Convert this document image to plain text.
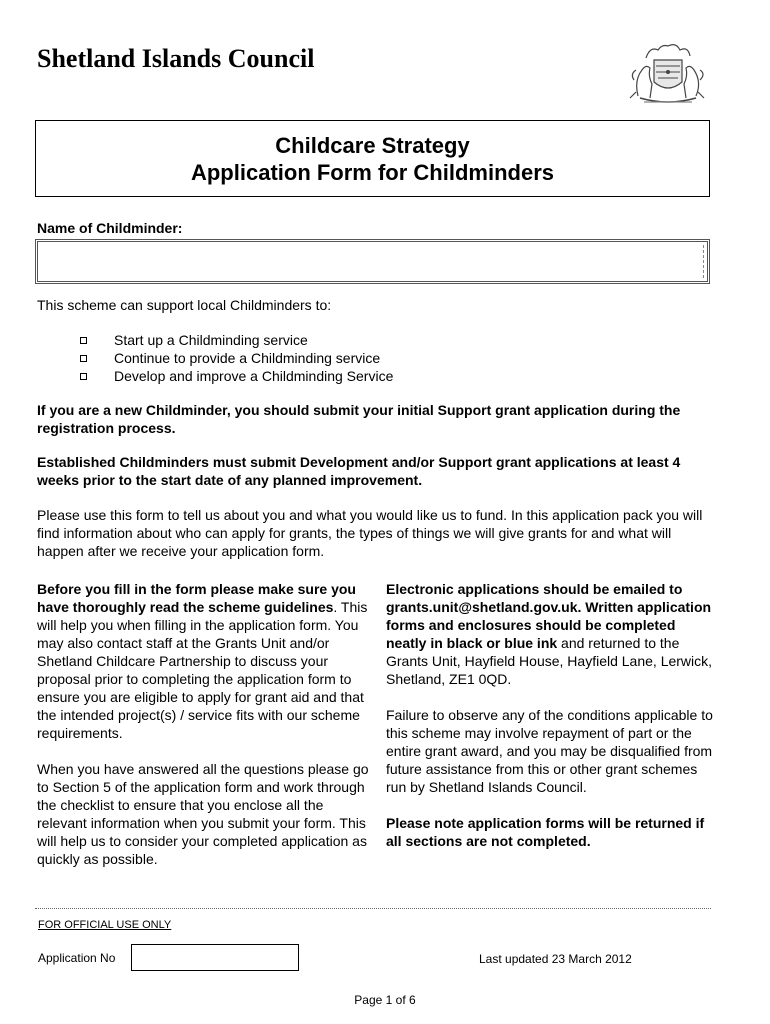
Shetland Islands Council
Childcare Strategy
Application Form for Childminders
Name of Childminder:
This scheme can support local Childminders to:
Start up a Childminding service
Continue to provide a Childminding service
Develop and improve a Childminding Service
If you are a new Childminder, you should submit your initial Support grant application during the registration process.
Established Childminders must submit Development and/or Support grant applications at least 4 weeks prior to the start date of any planned improvement.
Please use this form to tell us about you and what you would like us to fund. In this application pack you will find information about who can apply for grants, the types of things we will give grants for and what will happen after we receive your application form.
Before you fill in the form please make sure you have thoroughly read the scheme guidelines. This will help you when filling in the application form. You may also contact staff at the Grants Unit and/or Shetland Childcare Partnership to discuss your proposal prior to completing the application form to ensure you are eligible to apply for grant aid and that the intended project(s) / service fits with our scheme requirements.
When you have answered all the questions please go to Section 5 of the application form and work through the checklist to ensure that you enclose all the relevant information when you submit your form. This will help us to consider your completed application as quickly as possible.
Electronic applications should be emailed to grants.unit@shetland.gov.uk. Written application forms and enclosures should be completed neatly in black or blue ink and returned to the Grants Unit, Hayfield House, Hayfield Lane, Lerwick, Shetland, ZE1 0QD.
Failure to observe any of the conditions applicable to this scheme may involve repayment of part or the entire grant award, and you may be disqualified from future assistance from this or other grant schemes run by Shetland Islands Council.
Please note application forms will be returned if all sections are not completed.
FOR OFFICIAL USE ONLY
Application No	Last updated 23 March 2012
Page 1 of 6
